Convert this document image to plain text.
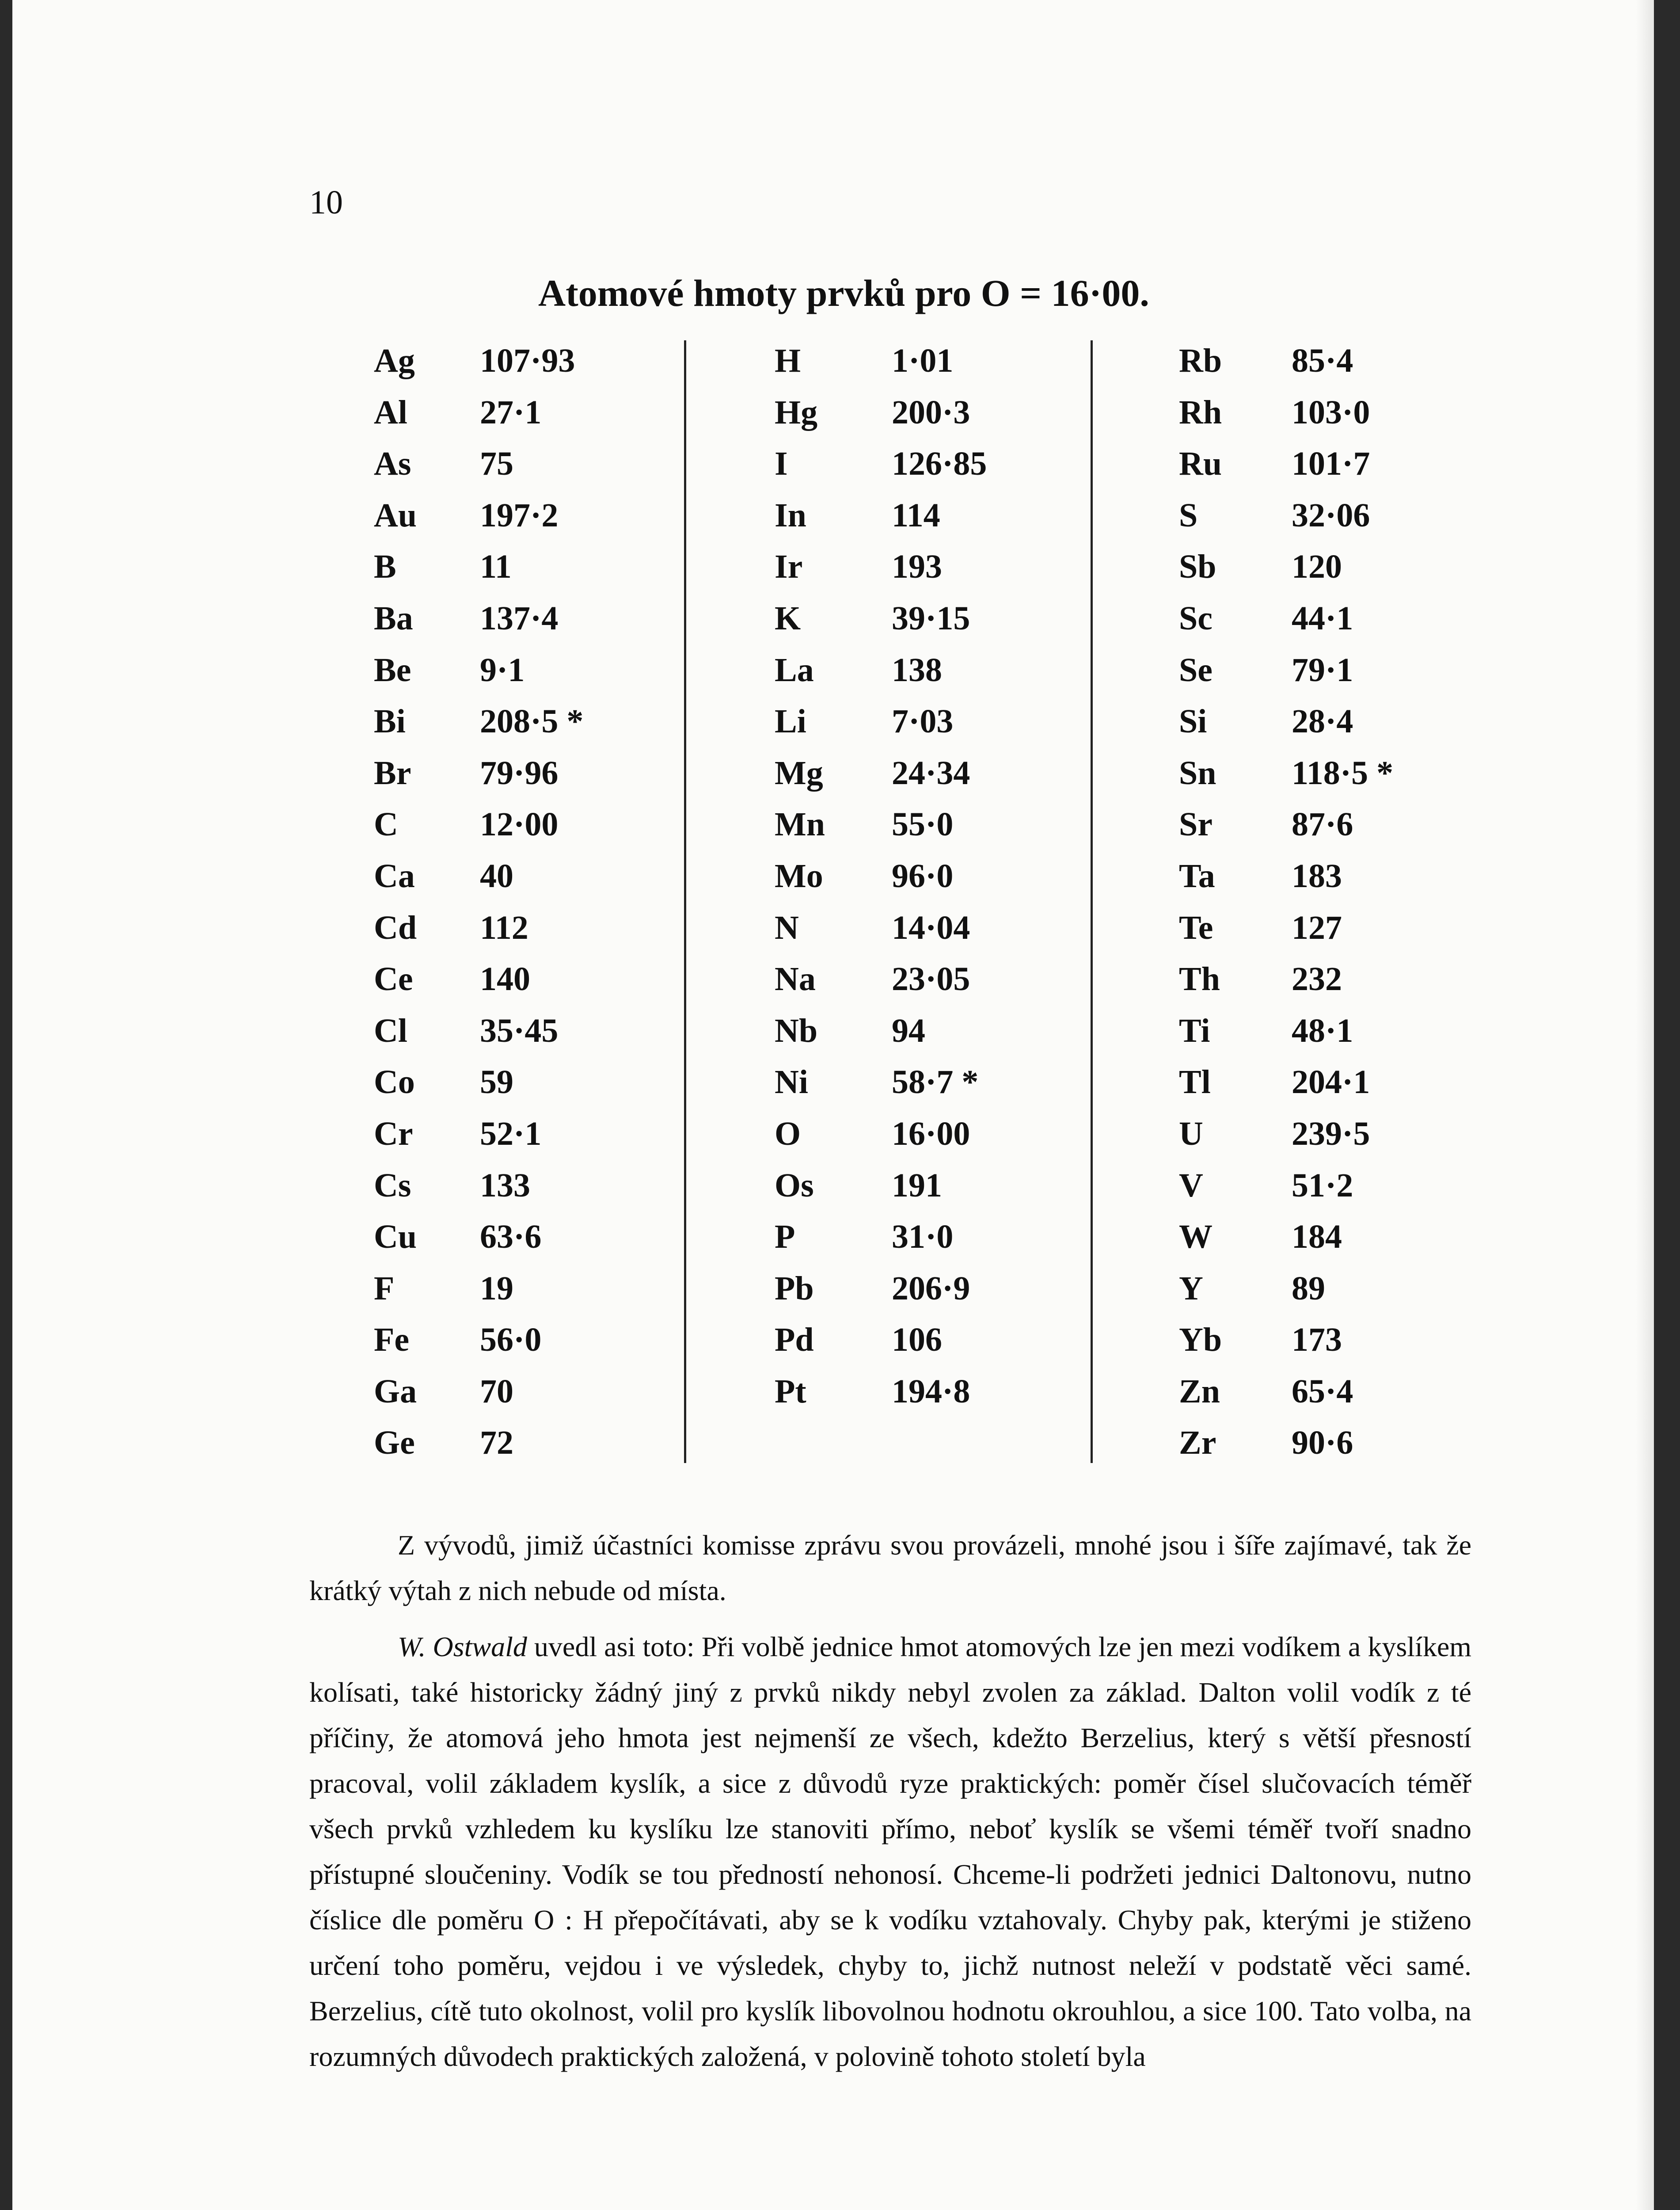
10
Atomové hmoty prvků pro O = 16·00.
Ag 107·93
Al 27·1
As 75
Au 197·2
B 11
Ba 137·4
Be 9·1
Bi 208·5 *
Br 79·96
C 12·00
Ca 40
Cd 112
Ce 140
Cl 35·45
Co 59
Cr 52·1
Cs 133
Cu 63·6
F	19
Fe 56·0
Ga 70
Ge 72
H	1·01
Hg 200·3
I	126·85
In	114
Ir	193
K	39·15
La 138
Li	7·03
Mg 24·34
Mn 55·0
Mo 96·0
N	14·04
Na 23·05
Nb 94
Ni 58·7 *
O	16·00
Os 191
P	31·0
Pb 206·9
Pd 106
Pt	194·8
Rb 85·4
Rh 103·0
Ru 101·7
S	32·06
Sb 120
Sc 44·1
Se 79·1
Si	28·4
Sn 118·5 *
Sr 87·6
Ta 183
Te 127
Th 232
Ti 48·1
Tl 204·1
U	239·5
V	51·2
W 184
Y	89
Yb 173
Zn 65·4
Zr 90·6

Z vývodů, jimiž účastníci komisse zprávu svou provázeli, mnohé jsou i šíře zajímavé, tak že krátký výtah z nich nebude od místa.

W. Ostwald uvedl asi toto: Při volbě jednice hmot atomových lze jen mezi vodíkem a kyslíkem kolísati, také historicky žádný jiný z prvků nikdy nebyl zvolen za základ. Dalton volil vodík z té příčiny, že atomová jeho hmota jest nejmenší ze všech, kdežto Berzelius, který s větší přesností pracoval, volil základem kyslík, a sice z důvodů ryze praktických: poměr čísel slučovacích téměř všech prvků vzhledem ku kyslíku lze stanoviti přímo, neboť kyslík se všemi téměř tvoří snadno přístupné sloučeniny. Vodík se tou předností nehonosí. Chceme-li podržeti jednici Daltonovu, nutno číslice dle poměru O : H přepočítávati, aby se k vodíku vztahovaly. Chyby pak, kterými je stiženo určení toho poměru, vejdou i ve výsledek, chyby to, jichž nutnost neleží v podstatě věci samé. Berzelius, cítě tuto okolnost, volil pro kyslík libovolnou hodnotu okrouhlou, a sice 100. Tato volba, na rozumných důvodech praktických založená, v polovině tohoto století byla
